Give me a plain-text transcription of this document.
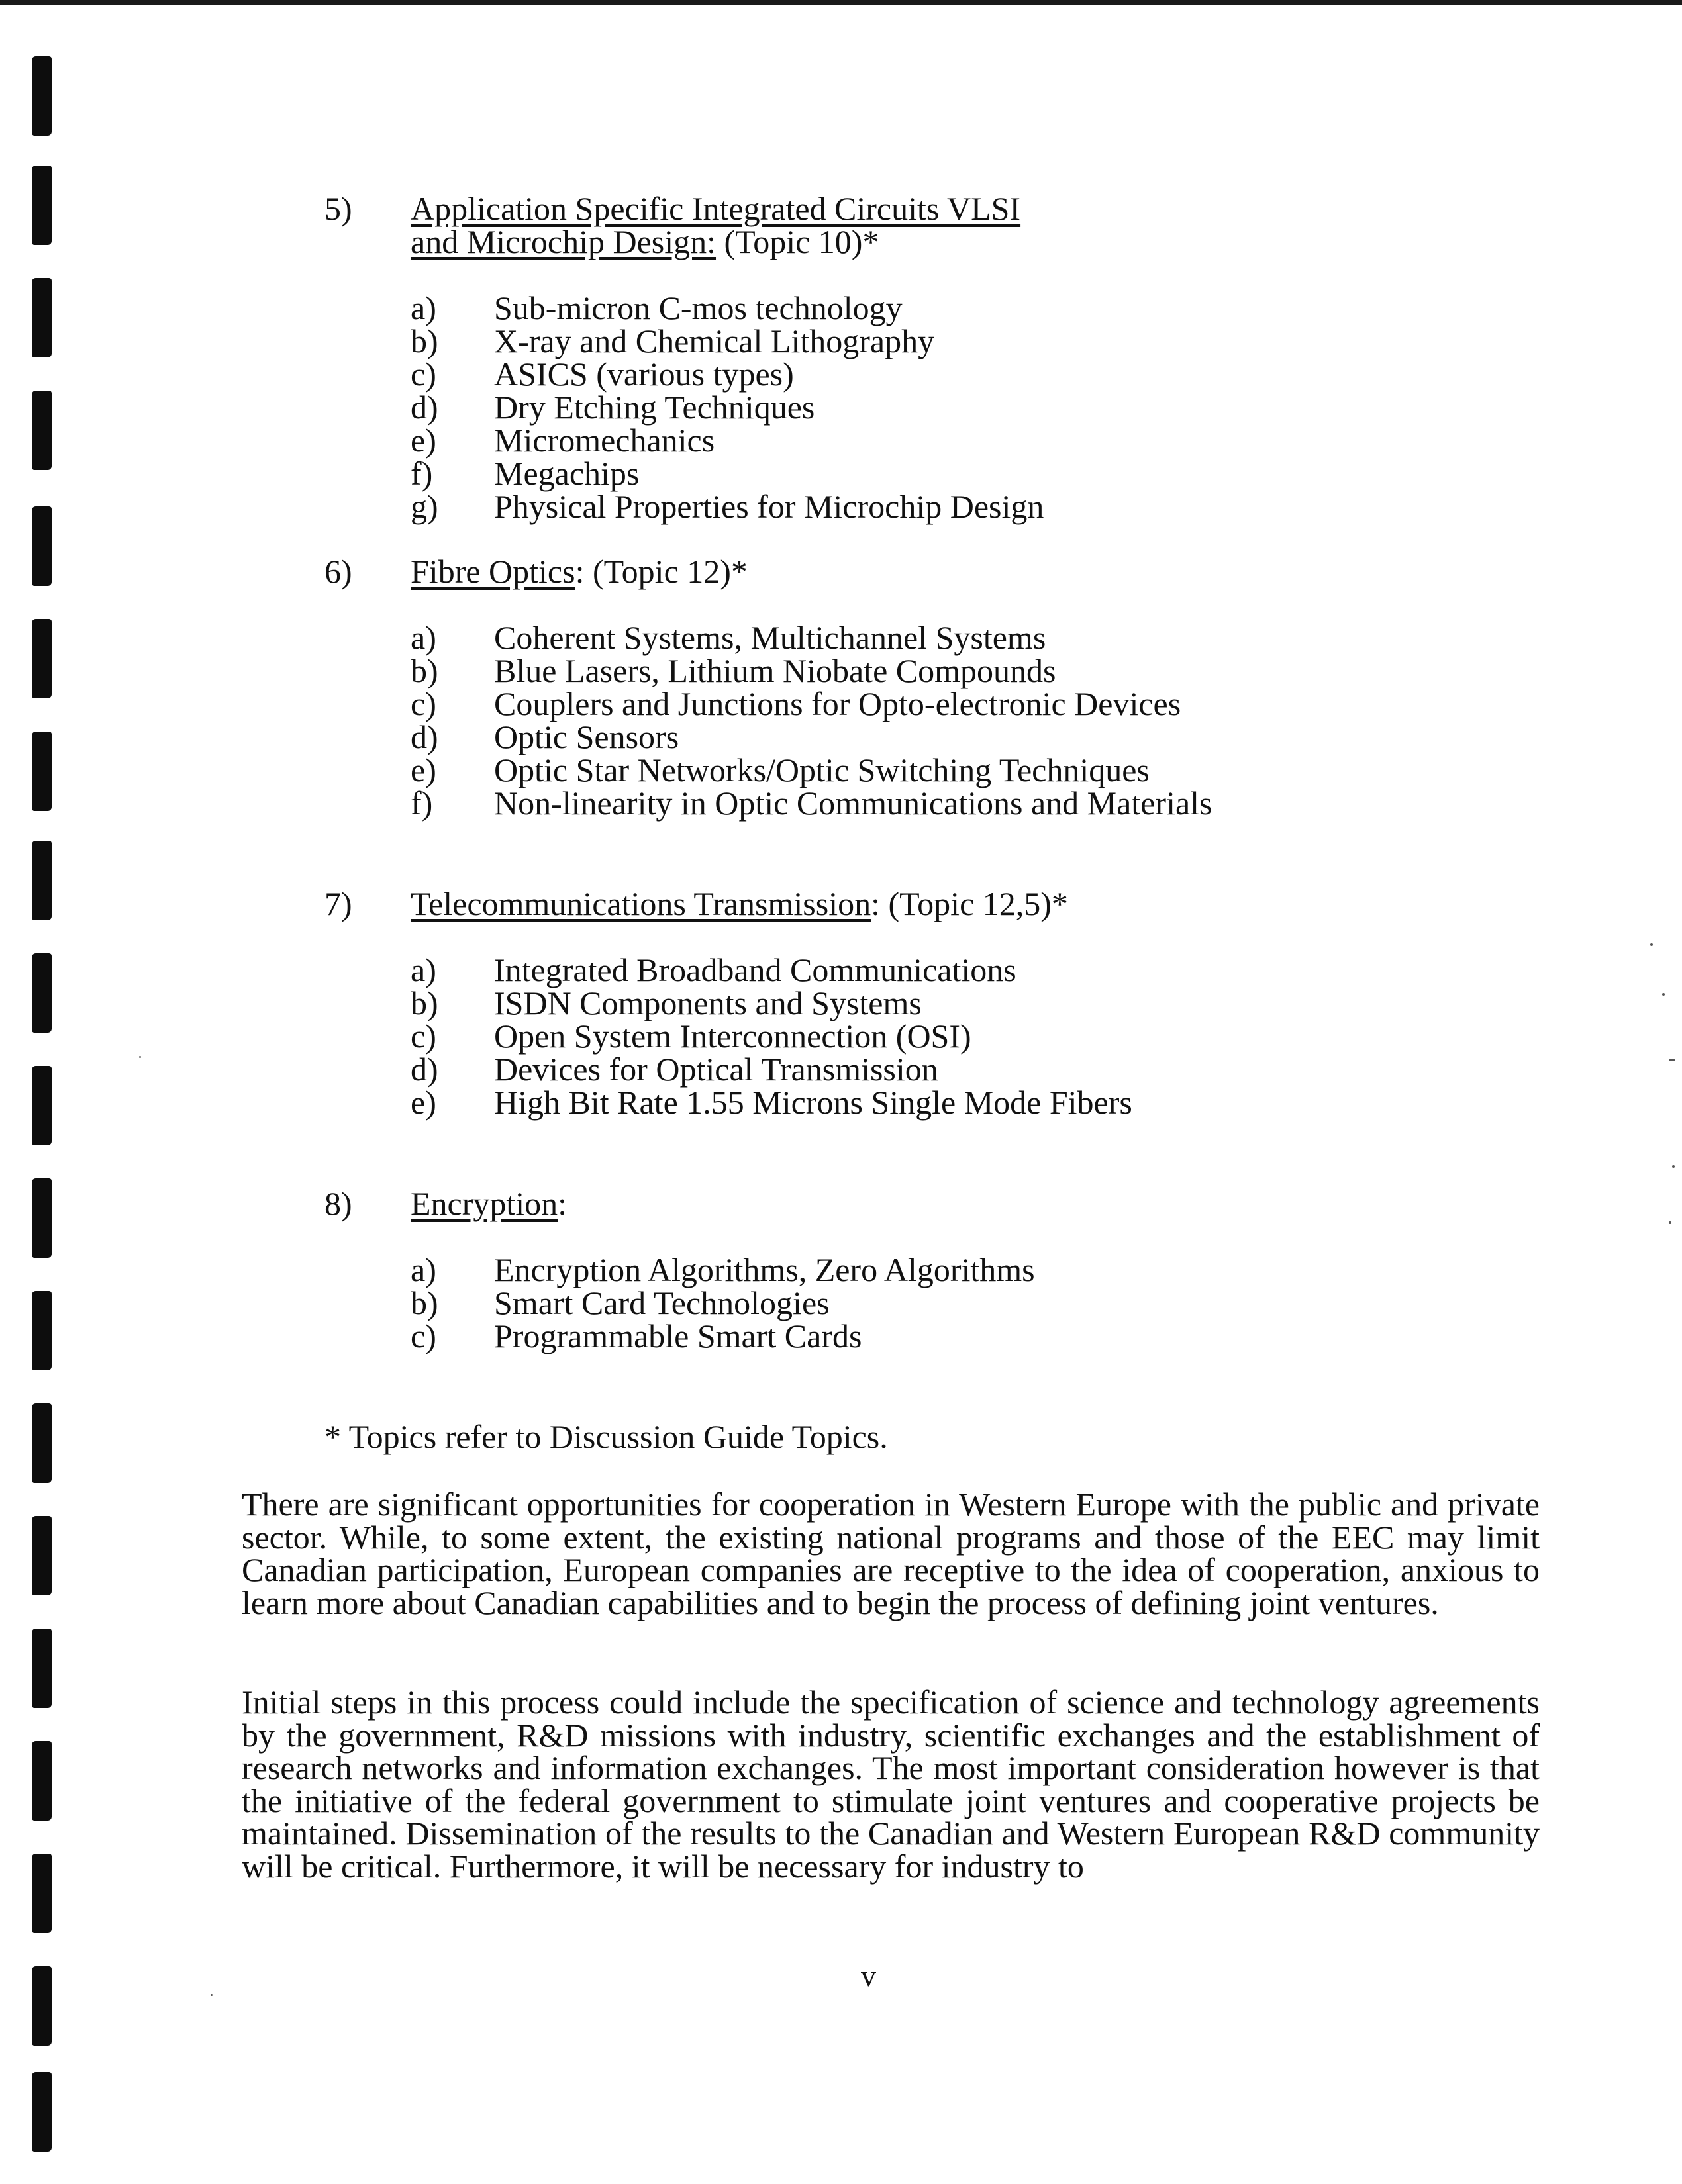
5)	Application Specific Integrated Circuits VLSI
and Microchip Design: (Topic 10)*
a)	Sub-micron C-mos technology
b)	X-ray and Chemical Lithography
c)	ASICS (various types)
d)	Dry Etching Techniques
e)	Micromechanics
f)	Megachips
g)	Physical Properties for Microchip Design
6)	Fibre Optics: (Topic 12)*
a)	Coherent Systems, Multichannel Systems
b)	Blue Lasers, Lithium Niobate Compounds
c)	Couplers and Junctions for Opto-electronic Devices
d)	Optic Sensors
e)	Optic Star Networks/Optic Switching Techniques
f)	Non-linearity in Optic Communications and Materials
7)	Telecommunications Transmission: (Topic 12,5)*
a)	Integrated Broadband Communications
b)	ISDN Components and Systems
c)	Open System Interconnection (OSI)
d)	Devices for Optical Transmission
e)	High Bit Rate 1.55 Microns Single Mode Fibers
8)	Encryption:
a)	Encryption Algorithms, Zero Algorithms
b)	Smart Card Technologies
c)	Programmable Smart Cards
* Topics refer to Discussion Guide Topics.

There are significant opportunities for cooperation in Western Europe with the public and private sector. While, to some extent, the existing national programs and those of the EEC may limit Canadian participation, European companies are receptive to the idea of cooperation, anxious to learn more about Canadian capabilities and to begin the process of defining joint ventures.

Initial steps in this process could include the specification of science and technology agreements by the government, R&D missions with industry, scientific exchanges and the establishment of research networks and information exchanges. The most important consideration however is that the initiative of the federal government to stimulate joint ventures and cooperative projects be maintained. Dissemination of the results to the Canadian and Western European R&D community will be critical. Furthermore, it will be necessary for industry to

v
